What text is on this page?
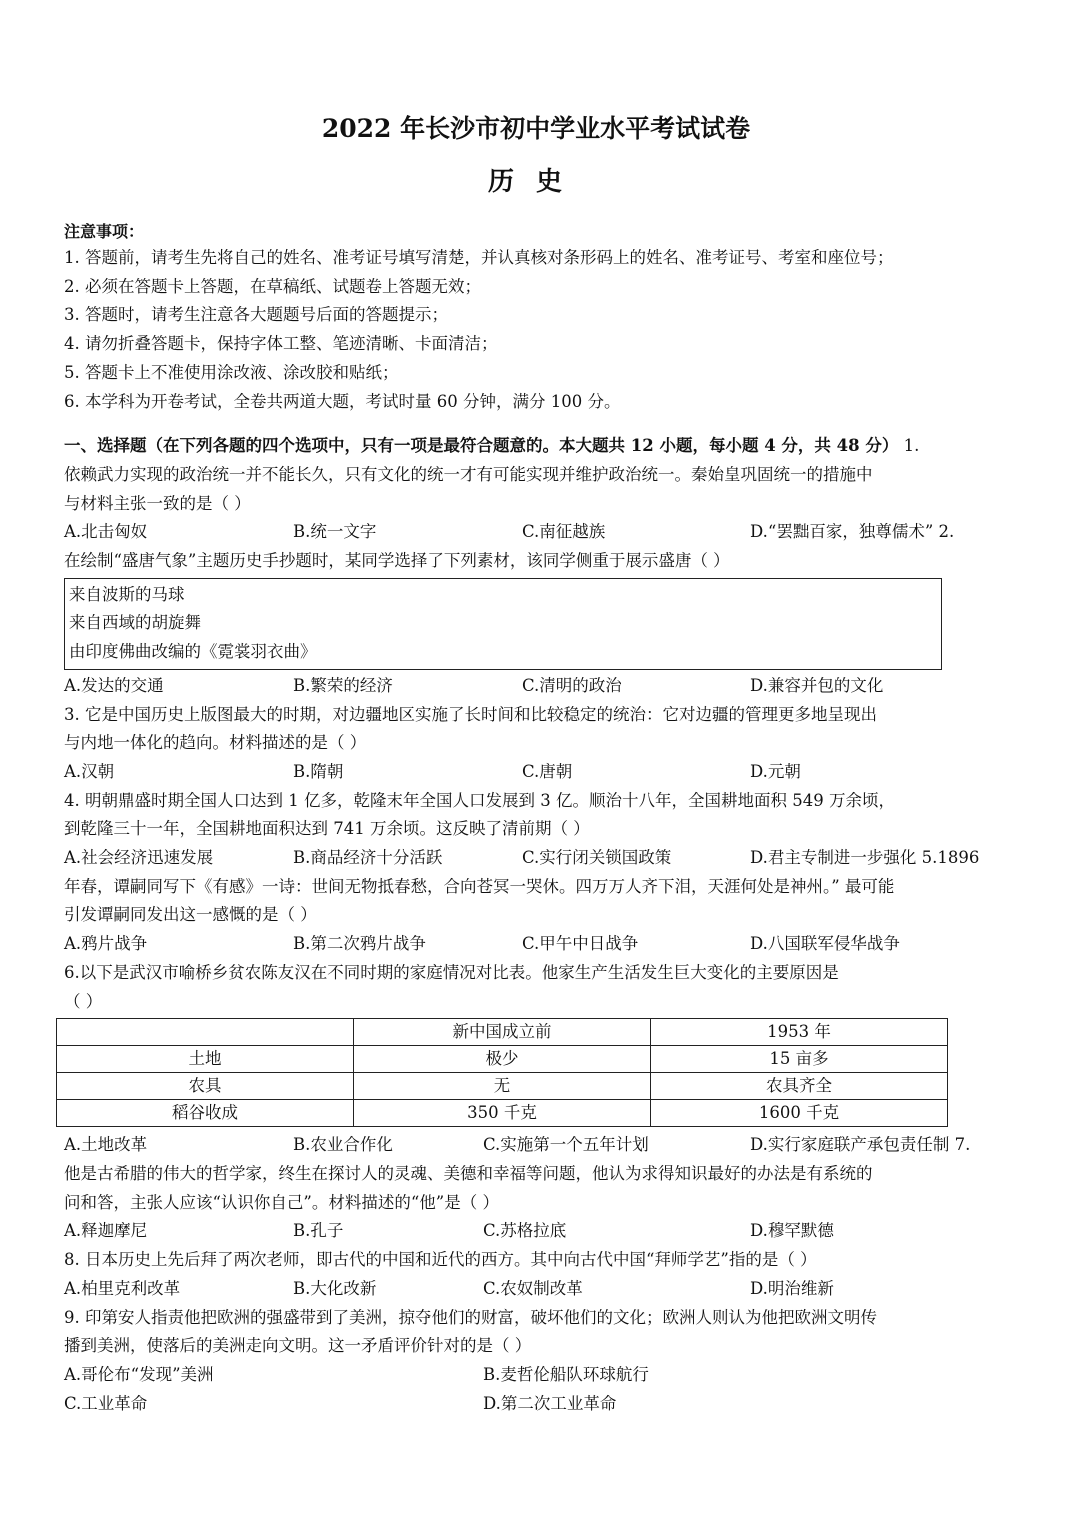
2022 年长沙市初中学业水平考试试卷
历史
注意事项：
1. 答题前，请考生先将自己的姓名、准考证号填写清楚，并认真核对条形码上的姓名、准考证号、考室和座位号；
2. 必须在答题卡上答题，在草稿纸、试题卷上答题无效；
3. 答题时，请考生注意各大题题号后面的答题提示；
4. 请勿折叠答题卡，保持字体工整、笔迹清晰、卡面清洁；
5. 答题卡上不准使用涂改液、涂改胶和贴纸；
6. 本学科为开卷考试，全卷共两道大题，考试时量 60 分钟，满分 100 分。
一、选择题（在下列各题的四个选项中，只有一项是最符合题意的。本大题共 12 小题，每小题 4 分，共 48 分） 1.
依赖武力实现的政治统一并不能长久，只有文化的统一才有可能实现并维护政治统一。秦始皇巩固统一的措施中
与材料主张一致的是（ ）
A.北击匈奴	B.统一文字	C.南征越族	D.“罢黜百家，独尊儒术” 2.
在绘制“盛唐气象”主题历史手抄题时，某同学选择了下列素材，该同学侧重于展示盛唐（ ）
来自波斯的马球
来自西域的胡旋舞
由印度佛曲改编的《霓裳羽衣曲》
A.发达的交通	B.繁荣的经济	C.清明的政治	D.兼容并包的文化
3. 它是中国历史上版图最大的时期，对边疆地区实施了长时间和比较稳定的统治：它对边疆的管理更多地呈现出
与内地一体化的趋向。材料描述的是（ ）
A.汉朝	B.隋朝	C.唐朝	D.元朝
4. 明朝鼎盛时期全国人口达到 1 亿多，乾隆末年全国人口发展到 3 亿。顺治十八年，全国耕地面积 549 万余顷，
到乾隆三十一年，全国耕地面积达到 741 万余顷。这反映了清前期（ ）
A.社会经济迅速发展	B.商品经济十分活跃	C.实行闭关锁国政策	D.君主专制进一步强化 5.1896
年春，谭嗣同写下《有感》一诗：世间无物抵春愁，合向苍冥一哭休。四万万人齐下泪，天涯何处是神州。” 最可能
引发谭嗣同发出这一感慨的是（ ）
A.鸦片战争	B.第二次鸦片战争	C.甲午中日战争	D.八国联军侵华战争
6.以下是武汉市喻桥乡贫农陈友汉在不同时期的家庭情况对比表。他家生产生活发生巨大变化的主要原因是
（ ）
	新中国成立前	1953 年
土地	极少	15 亩多
农具	无	农具齐全
稻谷收成	350 千克	1600 千克
A.土地改革	B.农业合作化	C.实施第一个五年计划	D.实行家庭联产承包责任制 7.
他是古希腊的伟大的哲学家，终生在探讨人的灵魂、美德和幸福等问题，他认为求得知识最好的办法是有系统的
问和答，主张人应该“认识你自己”。材料描述的“他”是（ ）
A.释迦摩尼	B.孔子	C.苏格拉底	D.穆罕默德
8. 日本历史上先后拜了两次老师，即古代的中国和近代的西方。其中向古代中国“拜师学艺”指的是（ ）
A.柏里克利改革	B.大化改新	C.农奴制改革	D.明治维新
9. 印第安人指责他把欧洲的强盛带到了美洲，掠夺他们的财富，破坏他们的文化；欧洲人则认为他把欧洲文明传
播到美洲，使落后的美洲走向文明。这一矛盾评价针对的是（ ）
A.哥伦布“发现”美洲	B.麦哲伦船队环球航行
C.工业革命	D.第二次工业革命
